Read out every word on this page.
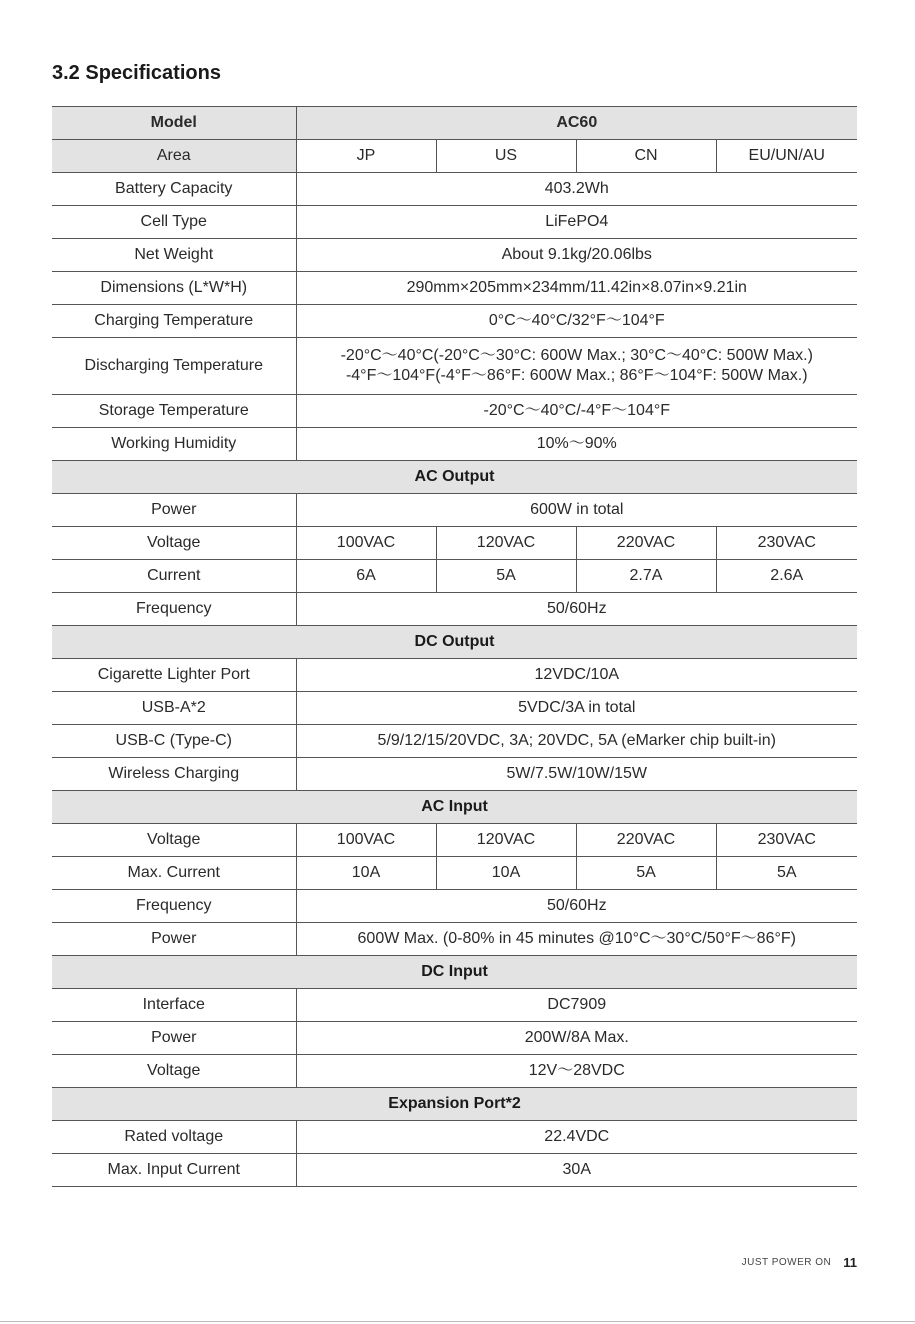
3.2 Specifications
Model	AC60			
Area	JP	US	CN	EU/UN/AU
Battery Capacity	403.2Wh			
Cell Type	LiFePO4			
Net Weight	About 9.1kg/20.06lbs			
Dimensions (L*W*H)	290mm×205mm×234mm/11.42in×8.07in×9.21in			
Charging Temperature	0°C～40°C/32°F～104°F			
Discharging Temperature	-20°C～40°C(-20°C～30°C: 600W Max.; 30°C～40°C: 500W Max.)
-4°F～104°F(-4°F～86°F: 600W Max.; 86°F～104°F: 500W Max.)			

Storage Temperature	-20°C～40°C/-4°F～104°F			
Working Humidity	10%～90%			
AC Output				
Power	600W in total			
Voltage	100VAC	120VAC	220VAC	230VAC
Current	6A	5A	2.7A	2.6A
Frequency	50/60Hz			
DC Output				
Cigarette Lighter Port	12VDC/10A			
USB-A*2	5VDC/3A in total			
USB-C (Type-C)	5/9/12/15/20VDC, 3A; 20VDC, 5A (eMarker chip built-in)			
Wireless Charging	5W/7.5W/10W/15W			
AC Input				
Voltage	100VAC	120VAC	220VAC	230VAC
Max. Current	10A	10A	5A	5A
Frequency	50/60Hz			
Power	600W Max. (0-80% in 45 minutes @10°C～30°C/50°F～86°F)			
DC Input				
Interface	DC7909			
Power	200W/8A Max.			
Voltage	12V～28VDC			
Expansion Port*2				
Rated voltage	22.4VDC			
Max. Input Current	30A			
JUST POWER ON 11
